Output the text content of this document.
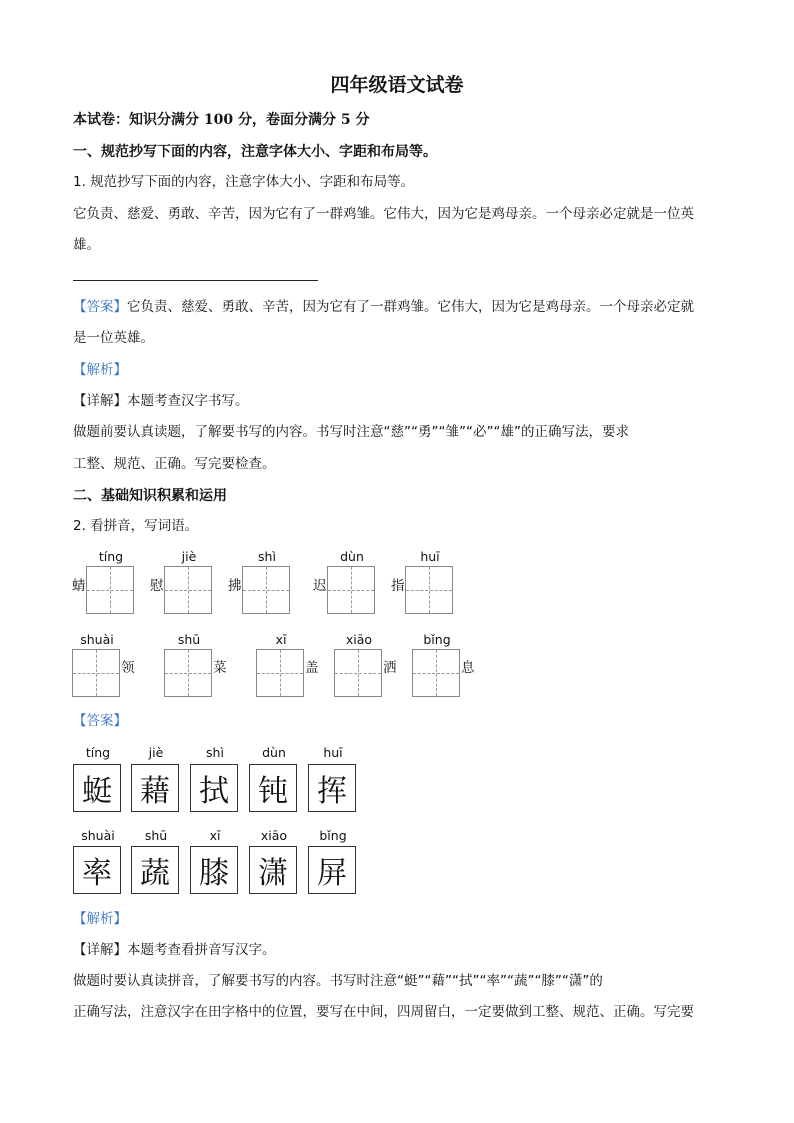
四年级语文试卷
本试卷：知识分满分 100 分，卷面分满分 5 分
一、规范抄写下面的内容，注意字体大小、字距和布局等。
1. 规范抄写下面的内容，注意字体大小、字距和布局等。
它负责、慈爱、勇敢、辛苦，因为它有了一群鸡雏。它伟大，因为它是鸡母亲。一个母亲必定就是一位英
雄。
【答案】它负责、慈爱、勇敢、辛苦，因为它有了一群鸡雏。它伟大，因为它是鸡母亲。一个母亲必定就
是一位英雄。
【解析】
【详解】本题考查汉字书写。
做题前要认真读题，了解要书写的内容。书写时注意“慈”“勇”“雏”“必”“雄”的正确写法，要求
工整、规范、正确。写完要检查。
二、基础知识积累和运用
2. 看拼音，写词语。
tíng
蜻
jiè
慰
shì
拂
dùn
迟
huī
指
shuài
领
shū
菜
xī
盖
xiāo
洒
bǐng
息
【答案】
tíng
蜓
jiè
藉
shì
拭
dùn
钝
huī
挥
shuài
率
shū
蔬
xī
膝
xiāo
潇
bǐng
屏
【解析】
【详解】本题考查看拼音写汉字。
做题时要认真读拼音，了解要书写的内容。书写时注意“蜓”“藉”“拭”“率”“蔬”“膝”“潇”的
正确写法，注意汉字在田字格中的位置，要写在中间，四周留白，一定要做到工整、规范、正确。写完要
